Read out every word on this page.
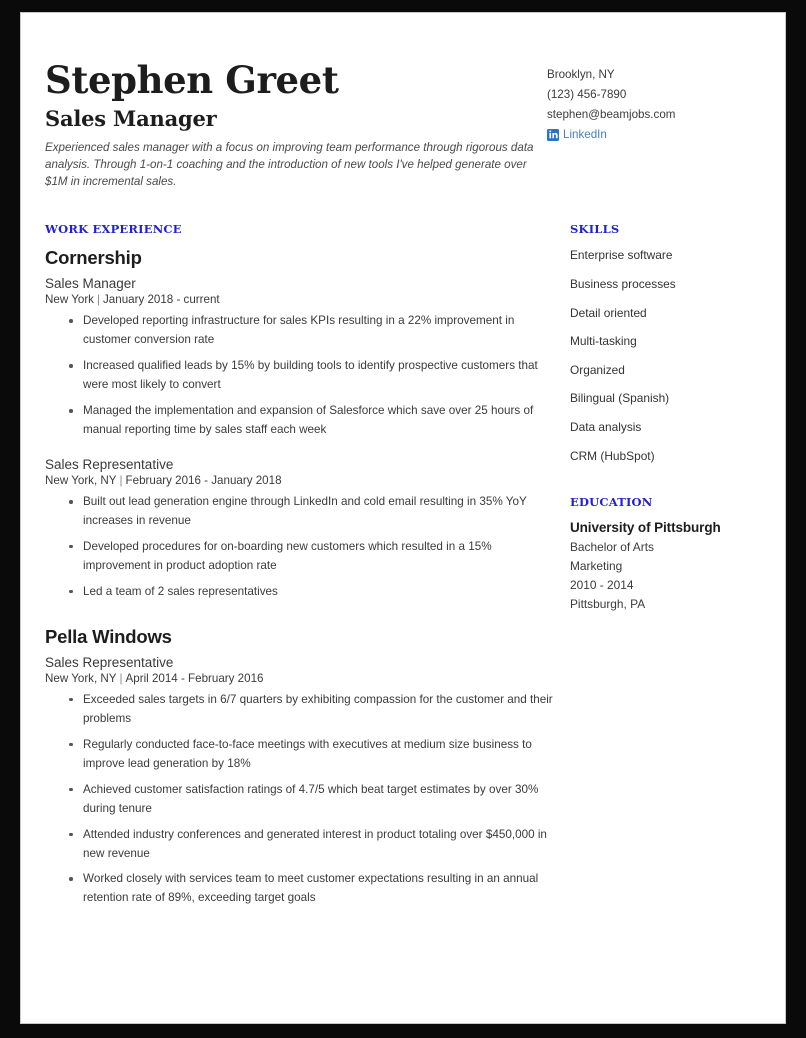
Stephen Greet
Sales Manager

Experienced sales manager with a focus on improving team performance through rigorous data analysis. Through 1-on-1 coaching and the introduction of new tools I've helped generate over $1M in incremental sales.

Brooklyn, NY
(123) 456-7890
stephen@beamjobs.com
LinkedIn
WORK EXPERIENCE
Cornership
Sales Manager
New York | January 2018 - current
Developed reporting infrastructure for sales KPIs resulting in a 22% improvement in customer conversion rate
Increased qualified leads by 15% by building tools to identify prospective customers that were most likely to convert
Managed the implementation and expansion of Salesforce which save over 25 hours of manual reporting time by sales staff each week
Sales Representative
New York, NY | February 2016 - January 2018
Built out lead generation engine through LinkedIn and cold email resulting in 35% YoY increases in revenue
Developed procedures for on-boarding new customers which resulted in a 15% improvement in product adoption rate
Led a team of 2 sales representatives
Pella Windows
Sales Representative
New York, NY | April 2014 - February 2016
Exceeded sales targets in 6/7 quarters by exhibiting compassion for the customer and their problems
Regularly conducted face-to-face meetings with executives at medium size business to improve lead generation by 18%
Achieved customer satisfaction ratings of 4.7/5 which beat target estimates by over 30% during tenure
Attended industry conferences and generated interest in product totaling over $450,000 in new revenue
Worked closely with services team to meet customer expectations resulting in an annual retention rate of 89%, exceeding target goals
SKILLS
Enterprise software
Business processes
Detail oriented
Multi-tasking
Organized
Bilingual (Spanish)
Data analysis
CRM (HubSpot)
EDUCATION
University of Pittsburgh
Bachelor of Arts
Marketing
2010 - 2014
Pittsburgh, PA
